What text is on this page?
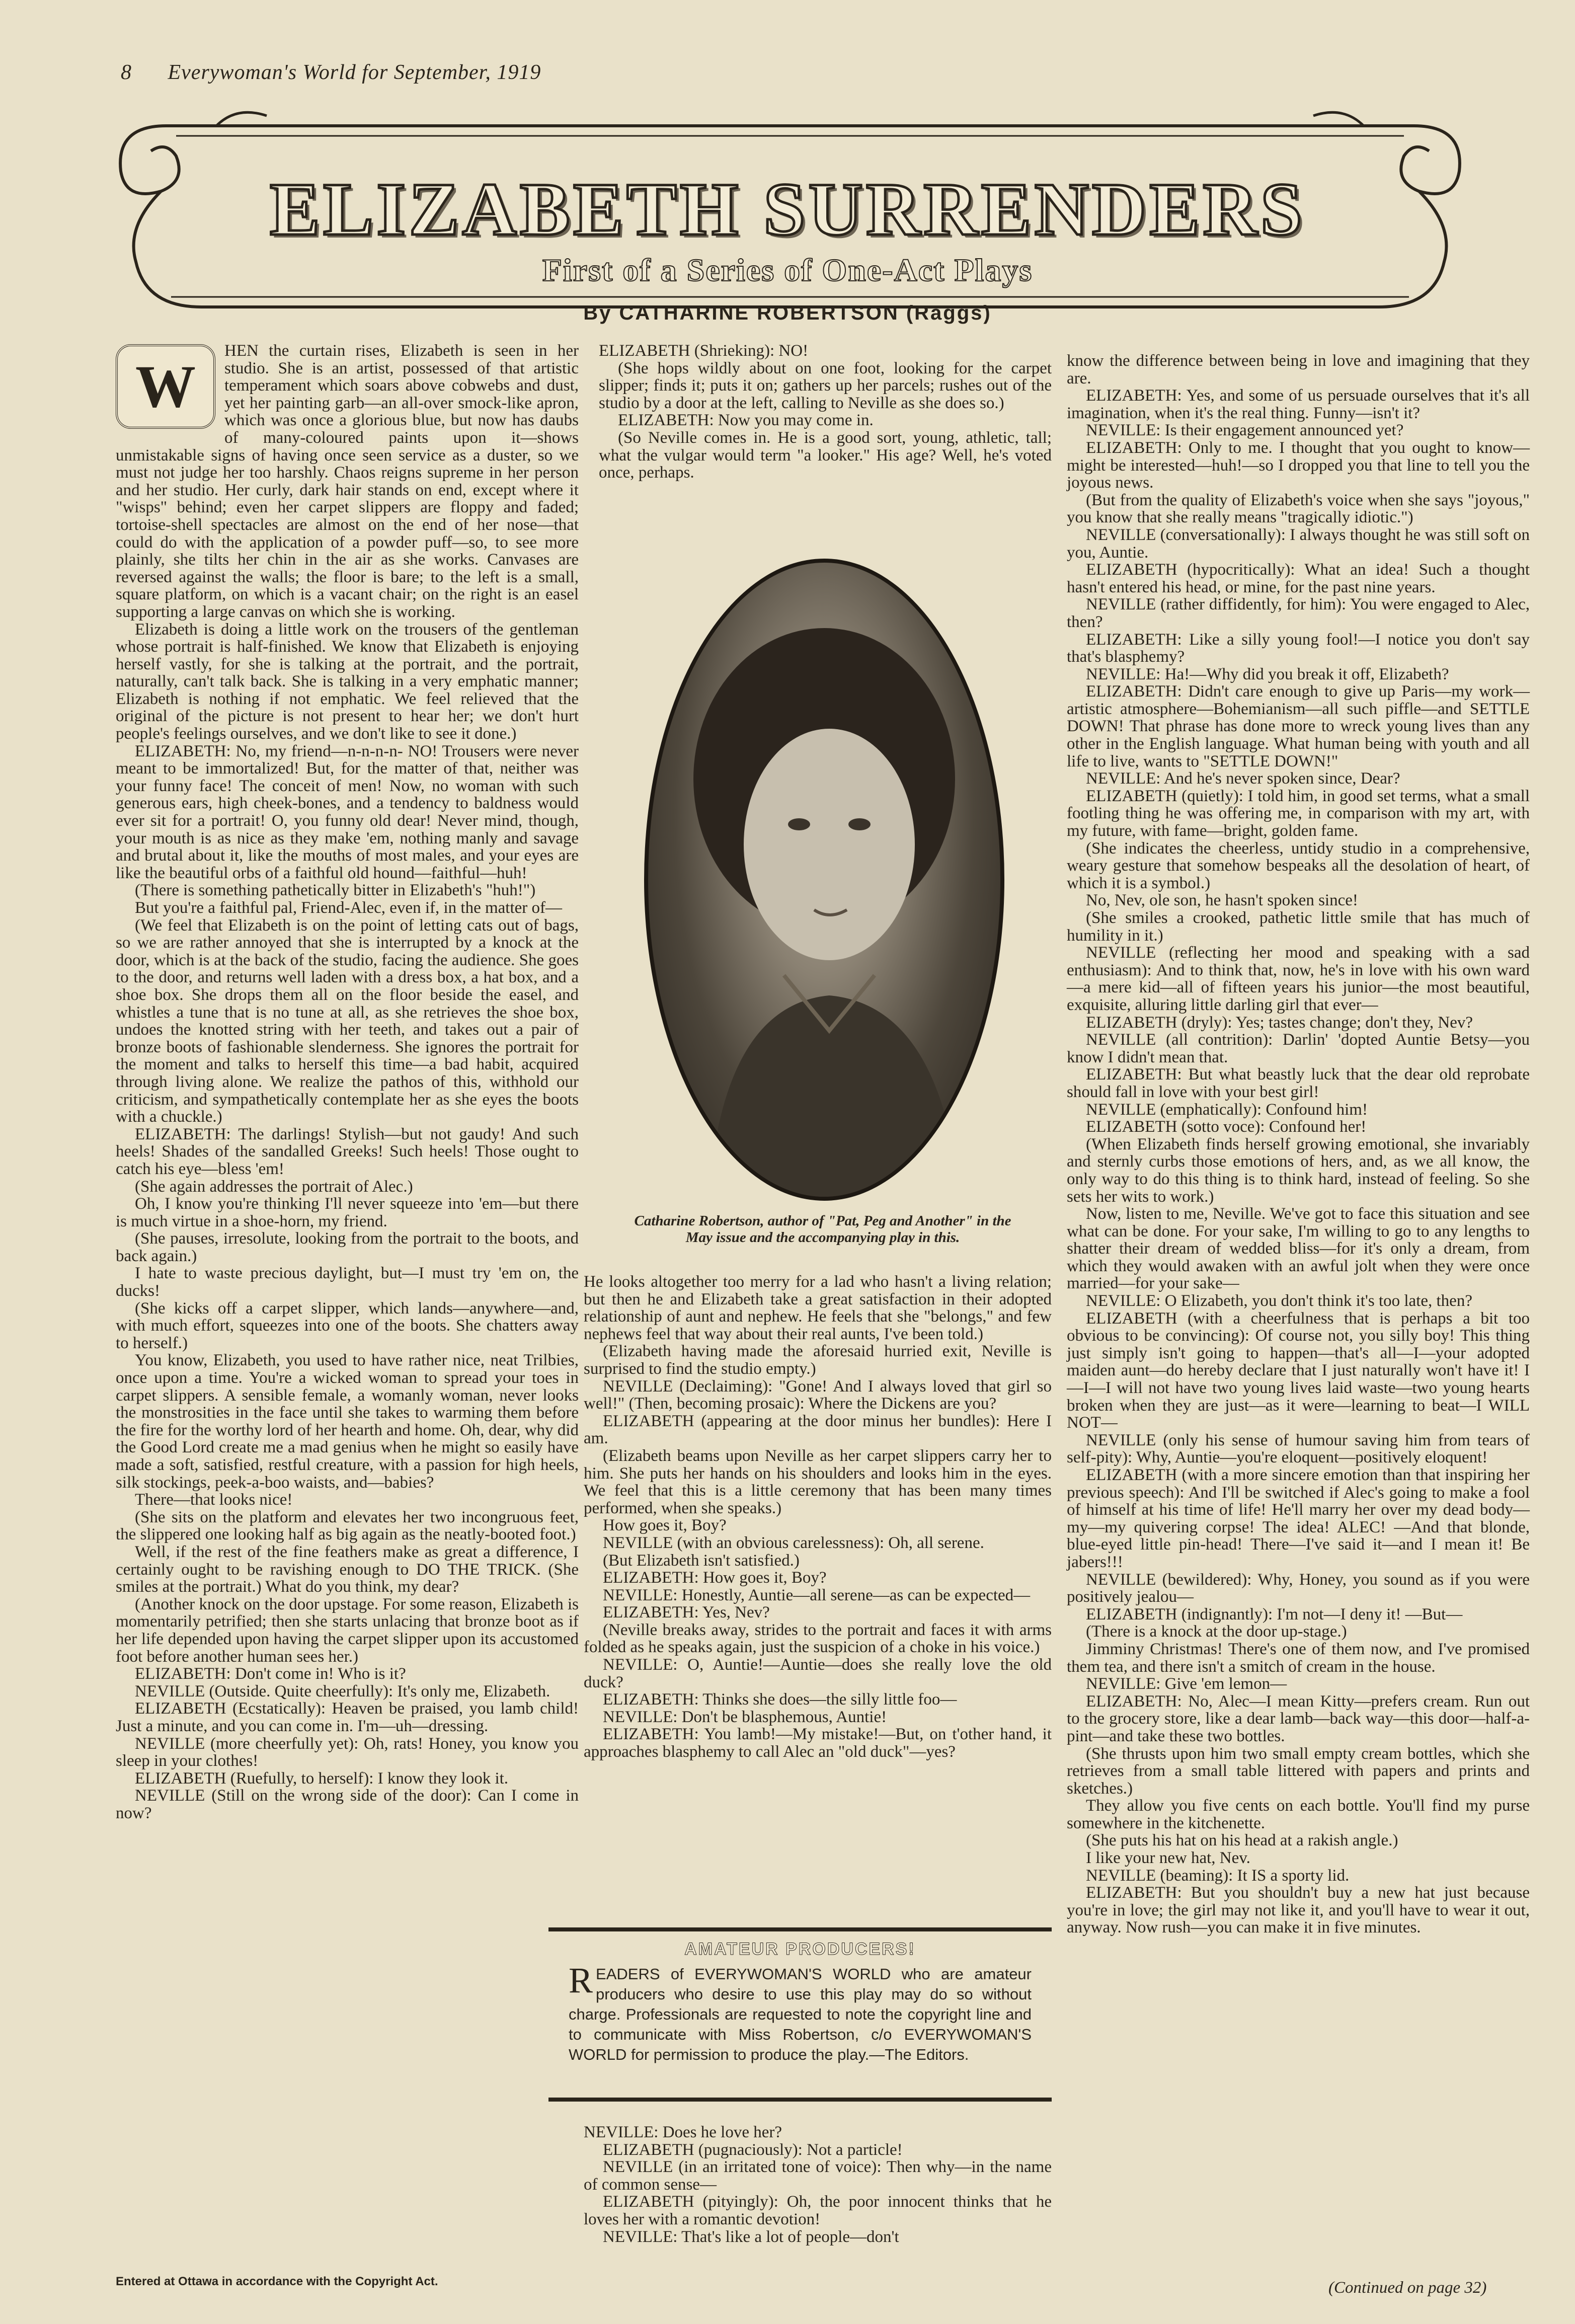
8 Everywoman's World for September, 1919
ELIZABETH SURRENDERS
First of a Series of One-Act Plays
By CATHARINE ROBERTSON (Raggs)
W

HEN the curtain rises, Elizabeth is seen in her studio. She is an artist, possessed of that artistic temperament which soars above cobwebs and dust, yet her painting garb—an all-over smock-like apron, which was once a glorious blue, but now has daubs of many-coloured paints upon it—shows unmistakable signs of having once seen service as a duster, so we must not judge her too harshly. Chaos reigns supreme in her person and her studio. Her curly, dark hair stands on end, except where it "wisps" behind; even her carpet slippers are floppy and faded; tortoise-shell spectacles are almost on the end of her nose—that could do with the application of a powder puff—so, to see more plainly, she tilts her chin in the air as she works. Canvases are reversed against the walls; the floor is bare; to the left is a small, square platform, on which is a vacant chair; on the right is an easel supporting a large canvas on which she is working.

Elizabeth is doing a little work on the trousers of the gentleman whose portrait is half-finished. We know that Elizabeth is enjoying herself vastly, for she is talking at the portrait, and the portrait, naturally, can't talk back. She is talking in a very emphatic manner; Elizabeth is nothing if not emphatic. We feel relieved that the original of the picture is not present to hear her; we don't hurt people's feelings ourselves, and we don't like to see it done.)

ELIZABETH: No, my friend—n-n-n-n- NO! Trousers were never meant to be immortalized! But, for the matter of that, neither was your funny face! The conceit of men! Now, no woman with such generous ears, high cheek-bones, and a tendency to baldness would ever sit for a portrait! O, you funny old dear! Never mind, though, your mouth is as nice as they make 'em, nothing manly and savage and brutal about it, like the mouths of most males, and your eyes are like the beautiful orbs of a faithful old hound—faithful—huh!

(There is something pathetically bitter in Elizabeth's "huh!")

But you're a faithful pal, Friend-Alec, even if, in the matter of—

(We feel that Elizabeth is on the point of letting cats out of bags, so we are rather annoyed that she is interrupted by a knock at the door, which is at the back of the studio, facing the audience. She goes to the door, and returns well laden with a dress box, a hat box, and a shoe box. She drops them all on the floor beside the easel, and whistles a tune that is no tune at all, as she retrieves the shoe box, undoes the knotted string with her teeth, and takes out a pair of bronze boots of fashionable slenderness. She ignores the portrait for the moment and talks to herself this time—a bad habit, acquired through living alone. We realize the pathos of this, withhold our criticism, and sympathetically contemplate her as she eyes the boots with a chuckle.)

ELIZABETH: The darlings! Stylish—but not gaudy! And such heels! Shades of the sandalled Greeks! Such heels! Those ought to catch his eye—bless 'em!

(She again addresses the portrait of Alec.)

Oh, I know you're thinking I'll never squeeze into 'em—but there is much virtue in a shoe-horn, my friend.

(She pauses, irresolute, looking from the portrait to the boots, and back again.)

I hate to waste precious daylight, but—I must try 'em on, the ducks!

(She kicks off a carpet slipper, which lands—anywhere—and, with much effort, squeezes into one of the boots. She chatters away to herself.)

You know, Elizabeth, you used to have rather nice, neat Trilbies, once upon a time. You're a wicked woman to spread your toes in carpet slippers. A sensible female, a womanly woman, never looks the monstrosities in the face until she takes to warming them before the fire for the worthy lord of her hearth and home. Oh, dear, why did the Good Lord create me a mad genius when he might so easily have made a soft, satisfied, restful creature, with a passion for high heels, silk stockings, peek-a-boo waists, and—babies?

There—that looks nice!

(She sits on the platform and elevates her two incongruous feet, the slippered one looking half as big again as the neatly-booted foot.)

Well, if the rest of the fine feathers make as great a difference, I certainly ought to be ravishing enough to DO THE TRICK. (She smiles at the portrait.) What do you think, my dear?

(Another knock on the door upstage. For some reason, Elizabeth is momentarily petrified; then she starts unlacing that bronze boot as if her life depended upon having the carpet slipper upon its accustomed foot before another human sees her.)

ELIZABETH: Don't come in! Who is it?

NEVILLE (Outside. Quite cheerfully): It's only me, Elizabeth.

ELIZABETH (Ecstatically): Heaven be praised, you lamb child! Just a minute, and you can come in. I'm—uh—dressing.

NEVILLE (more cheerfully yet): Oh, rats! Honey, you know you sleep in your clothes!

ELIZABETH (Ruefully, to herself): I know they look it.

NEVILLE (Still on the wrong side of the door): Can I come in now?

ELIZABETH (Shrieking): NO!

(She hops wildly about on one foot, looking for the carpet slipper; finds it; puts it on; gathers up her parcels; rushes out of the studio by a door at the left, calling to Neville as she does so.)

ELIZABETH: Now you may come in.

(So Neville comes in. He is a good sort, young, athletic, tall; what the vulgar would term "a looker." His age? Well, he's voted once, perhaps.

Catharine Robertson, author of "Pat, Peg and Another" in the May issue and the accompanying play in this.

He looks altogether too merry for a lad who hasn't a living relation; but then he and Elizabeth take a great satisfaction in their adopted relationship of aunt and nephew. He feels that she "belongs," and few nephews feel that way about their real aunts, I've been told.)

(Elizabeth having made the aforesaid hurried exit, Neville is surprised to find the studio empty.)

NEVILLE (Declaiming): "Gone! And I always loved that girl so well!" (Then, becoming prosaic): Where the Dickens are you?

ELIZABETH (appearing at the door minus her bundles): Here I am.

(Elizabeth beams upon Neville as her carpet slippers carry her to him. She puts her hands on his shoulders and looks him in the eyes. We feel that this is a little ceremony that has been many times performed, when she speaks.)

How goes it, Boy?

NEVILLE (with an obvious carelessness): Oh, all serene.

(But Elizabeth isn't satisfied.)

ELIZABETH: How goes it, Boy?

NEVILLE: Honestly, Auntie—all serene—as can be expected—

ELIZABETH: Yes, Nev?

(Neville breaks away, strides to the portrait and faces it with arms folded as he speaks again, just the suspicion of a choke in his voice.)

NEVILLE: O, Auntie!—Auntie—does she really love the old duck?

ELIZABETH: Thinks she does—the silly little foo—

NEVILLE: Don't be blasphemous, Auntie!

ELIZABETH: You lamb!—My mistake!—But, on t'other hand, it approaches blasphemy to call Alec an "old duck"—yes?

AMATEUR PRODUCERS!
R EADERS of EVERYWOMAN'S WORLD who are amateur producers who desire to use this play may do so without charge. Professionals are requested to note the copyright line and to communicate with Miss Robertson, c/o EVERYWOMAN'S WORLD for permission to produce the play.—The Editors.

NEVILLE: Does he love her?

ELIZABETH (pugnaciously): Not a particle!

NEVILLE (in an irritated tone of voice): Then why—in the name of common sense—

ELIZABETH (pityingly): Oh, the poor innocent thinks that he loves her with a romantic devotion!

NEVILLE: That's like a lot of people—don't

know the difference between being in love and imagining that they are.

ELIZABETH: Yes, and some of us persuade ourselves that it's all imagination, when it's the real thing. Funny—isn't it?

NEVILLE: Is their engagement announced yet?

ELIZABETH: Only to me. I thought that you ought to know—might be interested—huh!—so I dropped you that line to tell you the joyous news.

(But from the quality of Elizabeth's voice when she says "joyous," you know that she really means "tragically idiotic.")

NEVILLE (conversationally): I always thought he was still soft on you, Auntie.

ELIZABETH (hypocritically): What an idea! Such a thought hasn't entered his head, or mine, for the past nine years.

NEVILLE (rather diffidently, for him): You were engaged to Alec, then?

ELIZABETH: Like a silly young fool!—I notice you don't say that's blasphemy?

NEVILLE: Ha!—Why did you break it off, Elizabeth?

ELIZABETH: Didn't care enough to give up Paris—my work—artistic atmosphere—Bohemianism—all such piffle—and SETTLE DOWN! That phrase has done more to wreck young lives than any other in the English language. What human being with youth and all life to live, wants to "SETTLE DOWN!"

NEVILLE: And he's never spoken since, Dear?

ELIZABETH (quietly): I told him, in good set terms, what a small footling thing he was offering me, in comparison with my art, with my future, with fame—bright, golden fame.

(She indicates the cheerless, untidy studio in a comprehensive, weary gesture that somehow bespeaks all the desolation of heart, of which it is a symbol.)

No, Nev, ole son, he hasn't spoken since!

(She smiles a crooked, pathetic little smile that has much of humility in it.)

NEVILLE (reflecting her mood and speaking with a sad enthusiasm): And to think that, now, he's in love with his own ward—a mere kid—all of fifteen years his junior—the most beautiful, exquisite, alluring little darling girl that ever—

ELIZABETH (dryly): Yes; tastes change; don't they, Nev?

NEVILLE (all contrition): Darlin' 'dopted Auntie Betsy—you know I didn't mean that.

ELIZABETH: But what beastly luck that the dear old reprobate should fall in love with your best girl!

NEVILLE (emphatically): Confound him!

ELIZABETH (sotto voce): Confound her!

(When Elizabeth finds herself growing emotional, she invariably and sternly curbs those emotions of hers, and, as we all know, the only way to do this thing is to think hard, instead of feeling. So she sets her wits to work.)

Now, listen to me, Neville. We've got to face this situation and see what can be done. For your sake, I'm willing to go to any lengths to shatter their dream of wedded bliss—for it's only a dream, from which they would awaken with an awful jolt when they were once married—for your sake—

NEVILLE: O Elizabeth, you don't think it's too late, then?

ELIZABETH (with a cheerfulness that is perhaps a bit too obvious to be convincing): Of course not, you silly boy! This thing just simply isn't going to happen—that's all—I—your adopted maiden aunt—do hereby declare that I just naturally won't have it! I—I—I will not have two young lives laid waste—two young hearts broken when they are just—as it were—learning to beat—I WILL NOT—

NEVILLE (only his sense of humour saving him from tears of self-pity): Why, Auntie—you're eloquent—positively eloquent!

ELIZABETH (with a more sincere emotion than that inspiring her previous speech): And I'll be switched if Alec's going to make a fool of himself at his time of life! He'll marry her over my dead body—my—my quivering corpse! The idea! ALEC! —And that blonde, blue-eyed little pin-head! There—I've said it—and I mean it! Be jabers!!!

NEVILLE (bewildered): Why, Honey, you sound as if you were positively jealou—

ELIZABETH (indignantly): I'm not—I deny it! —But—

(There is a knock at the door up-stage.)

Jimminy Christmas! There's one of them now, and I've promised them tea, and there isn't a smitch of cream in the house.

NEVILLE: Give 'em lemon—

ELIZABETH: No, Alec—I mean Kitty—prefers cream. Run out to the grocery store, like a dear lamb—back way—this door—half-a-pint—and take these two bottles.

(She thrusts upon him two small empty cream bottles, which she retrieves from a small table littered with papers and prints and sketches.)

They allow you five cents on each bottle. You'll find my purse somewhere in the kitchenette.

(She puts his hat on his head at a rakish angle.)

I like your new hat, Nev.

NEVILLE (beaming): It IS a sporty lid.

ELIZABETH: But you shouldn't buy a new hat just because you're in love; the girl may not like it, and you'll have to wear it out, anyway. Now rush—you can make it in five minutes.

(Continued on page 32)
Entered at Ottawa in accordance with the Copyright Act.
